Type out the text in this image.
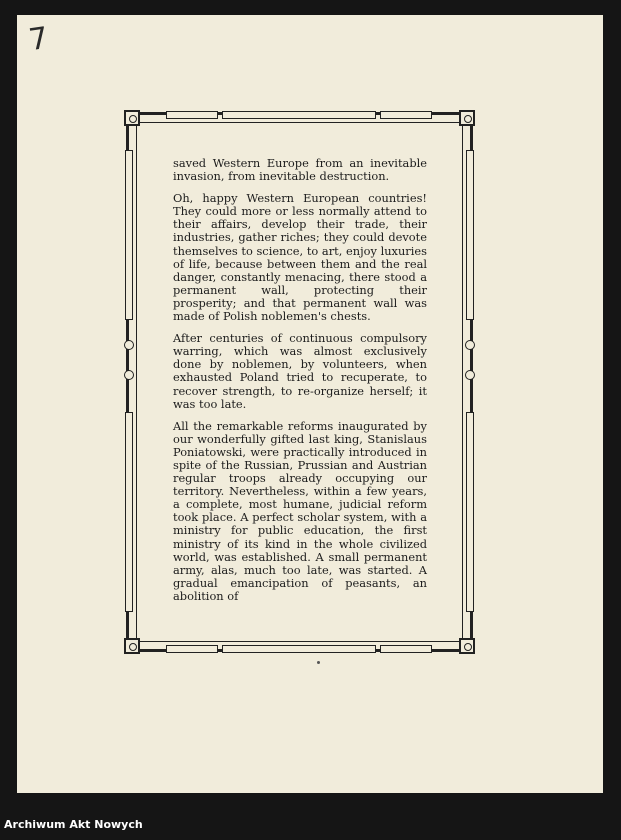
7

saved Western Europe from an inevitable invasion, from inevitable destruction.

Oh, happy Western European countries! They could more or less normally attend to their affairs, develop their trade, their industries, gather riches; they could devote themselves to science, to art, enjoy luxuries of life, because between them and the real danger, constantly menacing, there stood a permanent wall, protecting their prosperity; and that permanent wall was made of Polish noblemen's chests.

After centuries of continuous compulsory warring, which was almost exclusively done by noblemen, by volunteers, when exhausted Poland tried to recuperate, to recover strength, to re-organize herself; it was too late.

All the remarkable reforms inaugurated by our wonderfully gifted last king, Stanislaus Poniatowski, were practically introduced in spite of the Russian, Prussian and Austrian regular troops already occupying our territory. Nevertheless, within a few years, a complete, most humane, judicial reform took place. A perfect scholar system, with a ministry for public education, the first ministry of its kind in the whole civilized world, was established. A small permanent army, alas, much too late, was started. A gradual emancipation of peasants, an abolition of

Archiwum Akt Nowych
